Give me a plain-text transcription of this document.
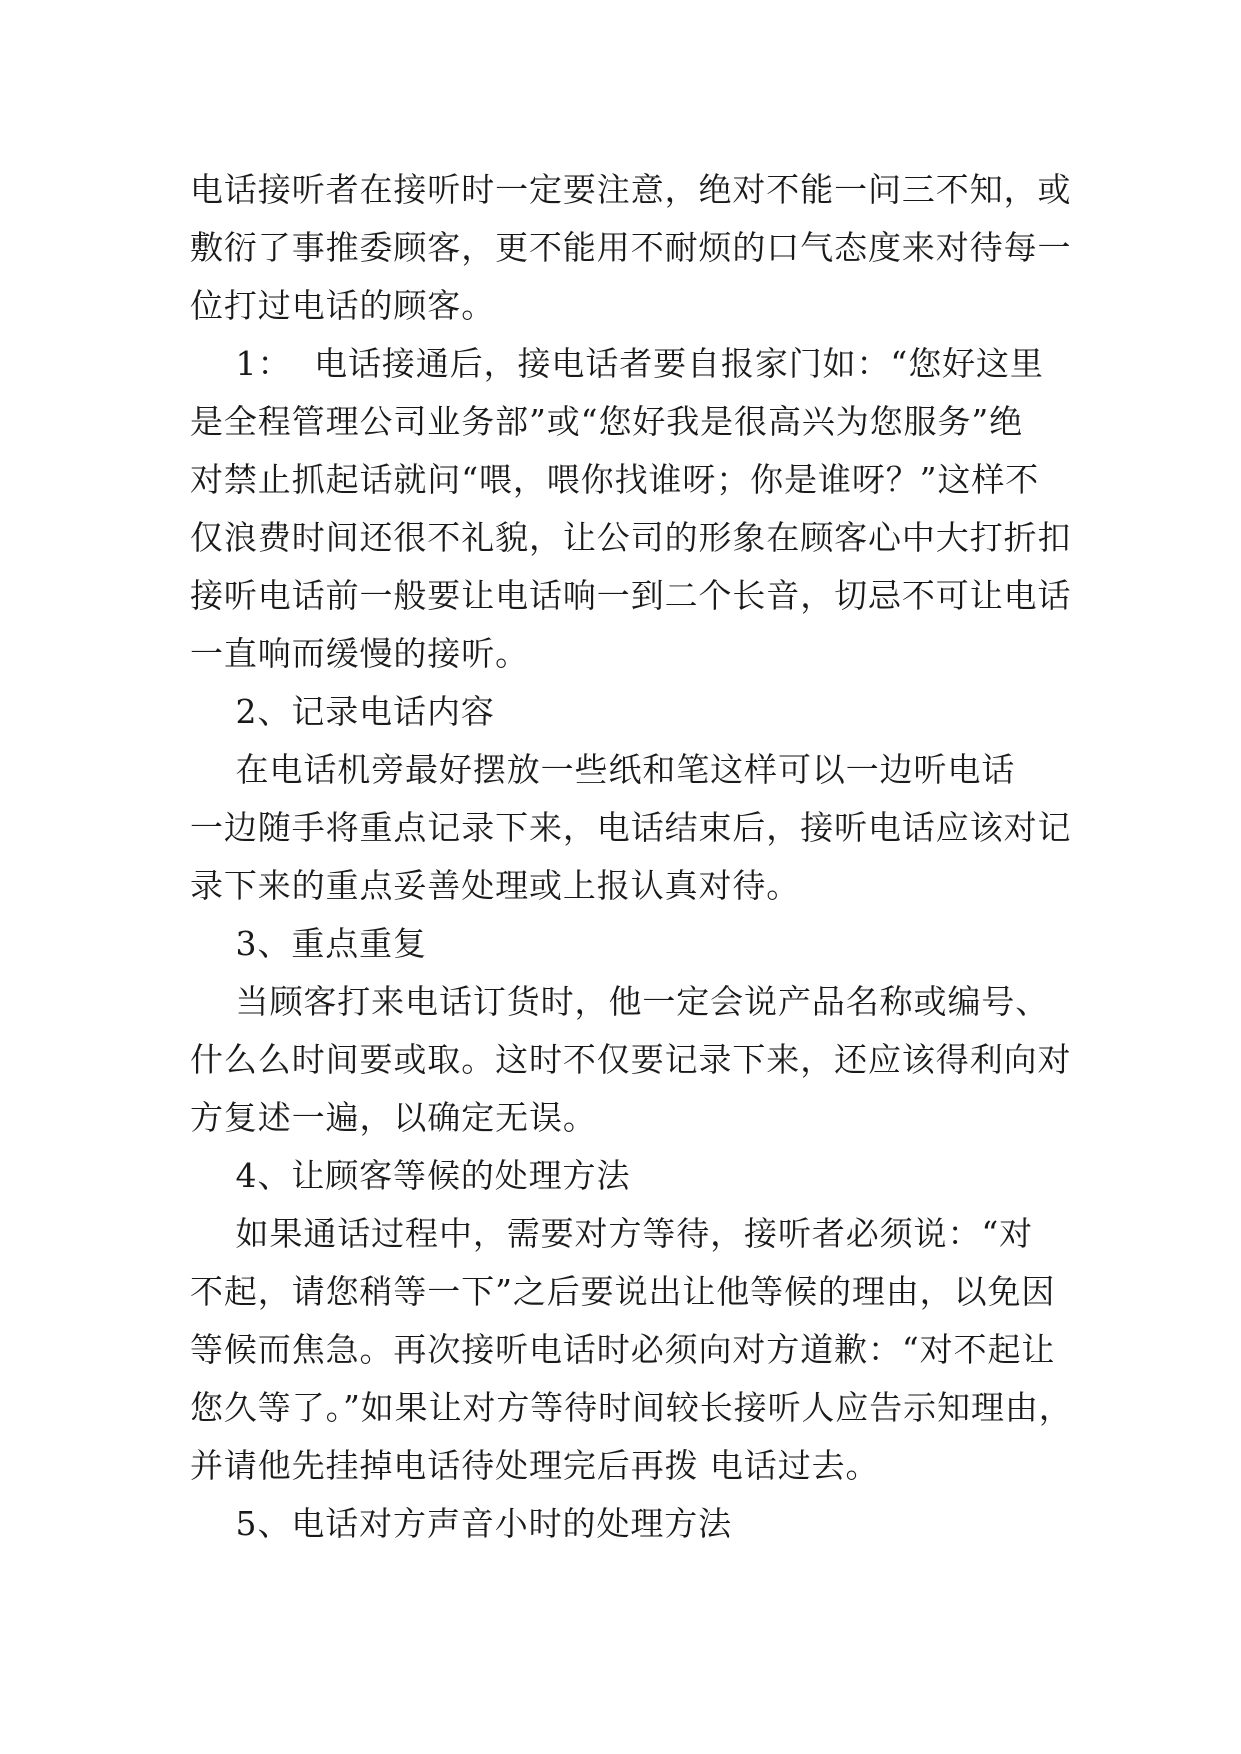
电话接听者在接听时一定要注意，绝对不能一问三不知，或
敷衍了事推委顾客，更不能用不耐烦的口气态度来对待每一
位打过电话的顾客。
1：  电话接通后，接电话者要自报家门如：“您好这里
是全程管理公司业务部”或“您好我是很高兴为您服务”绝
对禁止抓起话就问“喂，喂你找谁呀；你是谁呀？”这样不
仅浪费时间还很不礼貌，让公司的形象在顾客心中大打折扣
接听电话前一般要让电话响一到二个长音，切忌不可让电话
一直响而缓慢的接听。
2、记录电话内容
在电话机旁最好摆放一些纸和笔这样可以一边听电话
一边随手将重点记录下来，电话结束后，接听电话应该对记
录下来的重点妥善处理或上报认真对待。
3、重点重复
当顾客打来电话订货时，他一定会说产品名称或编号、
什么么时间要或取。这时不仅要记录下来，还应该得利向对
方复述一遍，以确定无误。
4、让顾客等候的处理方法
如果通话过程中，需要对方等待，接听者必须说：“对
不起，请您稍等一下”之后要说出让他等候的理由，以免因
等候而焦急。再次接听电话时必须向对方道歉：“对不起让
您久等了。”如果让对方等待时间较长接听人应告示知理由，
并请他先挂掉电话待处理完后再拨 电话过去。
5、电话对方声音小时的处理方法
